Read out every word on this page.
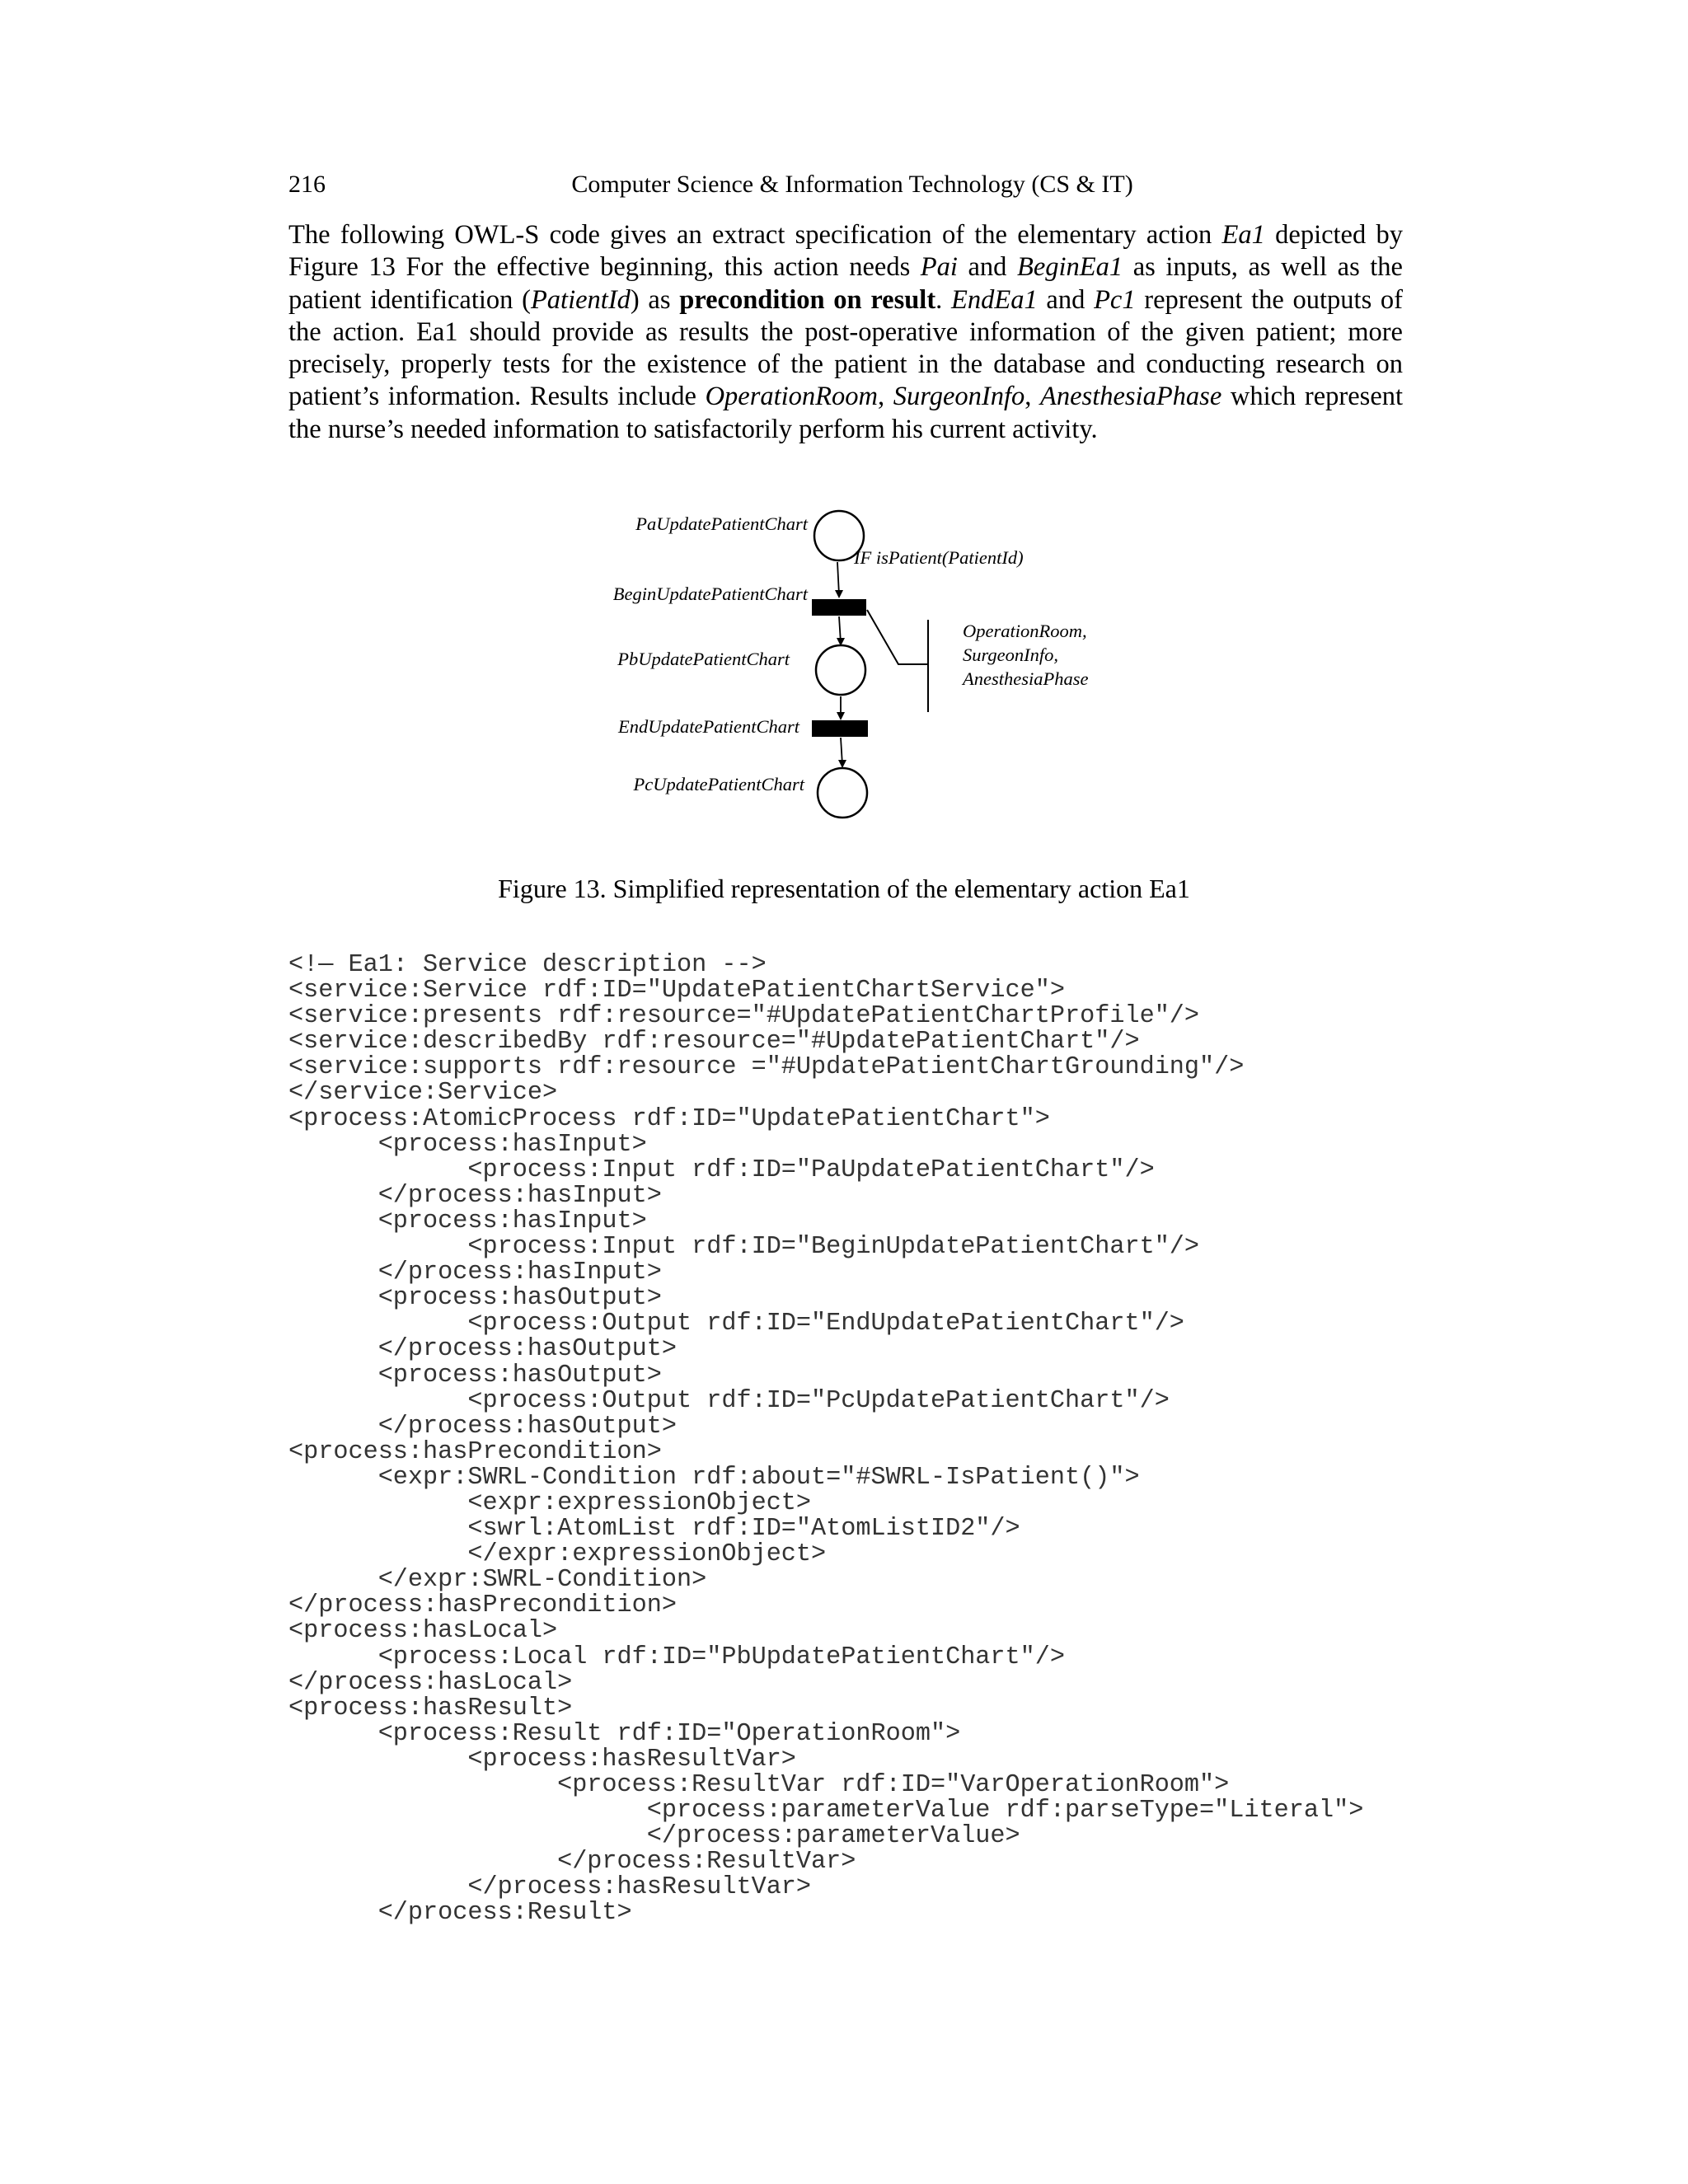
216	Computer Science & Information Technology (CS & IT)
The following OWL-S code gives an extract specification of the elementary action Ea1 depicted by Figure 13 For the effective beginning, this action needs Pai and BeginEa1 as inputs, as well as the patient identification (PatientId) as precondition on result. EndEa1 and Pc1 represent the outputs of the action. Ea1 should provide as results the post-operative information of the given patient; more precisely, properly tests for the existence of the patient in the database and conducting research on patient’s information. Results include OperationRoom, SurgeonInfo, AnesthesiaPhase which represent the nurse’s needed information to satisfactorily perform his current activity.
PaUpdatePatientChart
IF isPatient(PatientId)
BeginUpdatePatientChart
PbUpdatePatientChart
OperationRoom,
SurgeonInfo,
AnesthesiaPhase
EndUpdatePatientChart
PcUpdatePatientChart
Figure 13. Simplified representation of the elementary action Ea1
<!— Ea1: Service description -->
<service:Service rdf:ID="UpdatePatientChartService">
<service:presents rdf:resource="#UpdatePatientChartProfile"/>
<service:describedBy rdf:resource="#UpdatePatientChart"/>
<service:supports rdf:resource ="#UpdatePatientChartGrounding"/>
</service:Service>
<process:AtomicProcess rdf:ID="UpdatePatientChart">
<process:hasInput>
<process:Input rdf:ID="PaUpdatePatientChart"/>
</process:hasInput>
<process:hasInput>
<process:Input rdf:ID="BeginUpdatePatientChart"/>
</process:hasInput>
<process:hasOutput>
<process:Output rdf:ID="EndUpdatePatientChart"/>
</process:hasOutput>
<process:hasOutput>
<process:Output rdf:ID="PcUpdatePatientChart"/>
</process:hasOutput>
<process:hasPrecondition>
<expr:SWRL-Condition rdf:about="#SWRL-IsPatient()">
<expr:expressionObject>
<swrl:AtomList rdf:ID="AtomListID2"/>
</expr:expressionObject>
</expr:SWRL-Condition>
</process:hasPrecondition>
<process:hasLocal>
<process:Local rdf:ID="PbUpdatePatientChart"/>
</process:hasLocal>
<process:hasResult>
<process:Result rdf:ID="OperationRoom">
<process:hasResultVar>
<process:ResultVar rdf:ID="VarOperationRoom">
<process:parameterValue rdf:parseType="Literal">
</process:parameterValue>
</process:ResultVar>
</process:hasResultVar>
</process:Result>
